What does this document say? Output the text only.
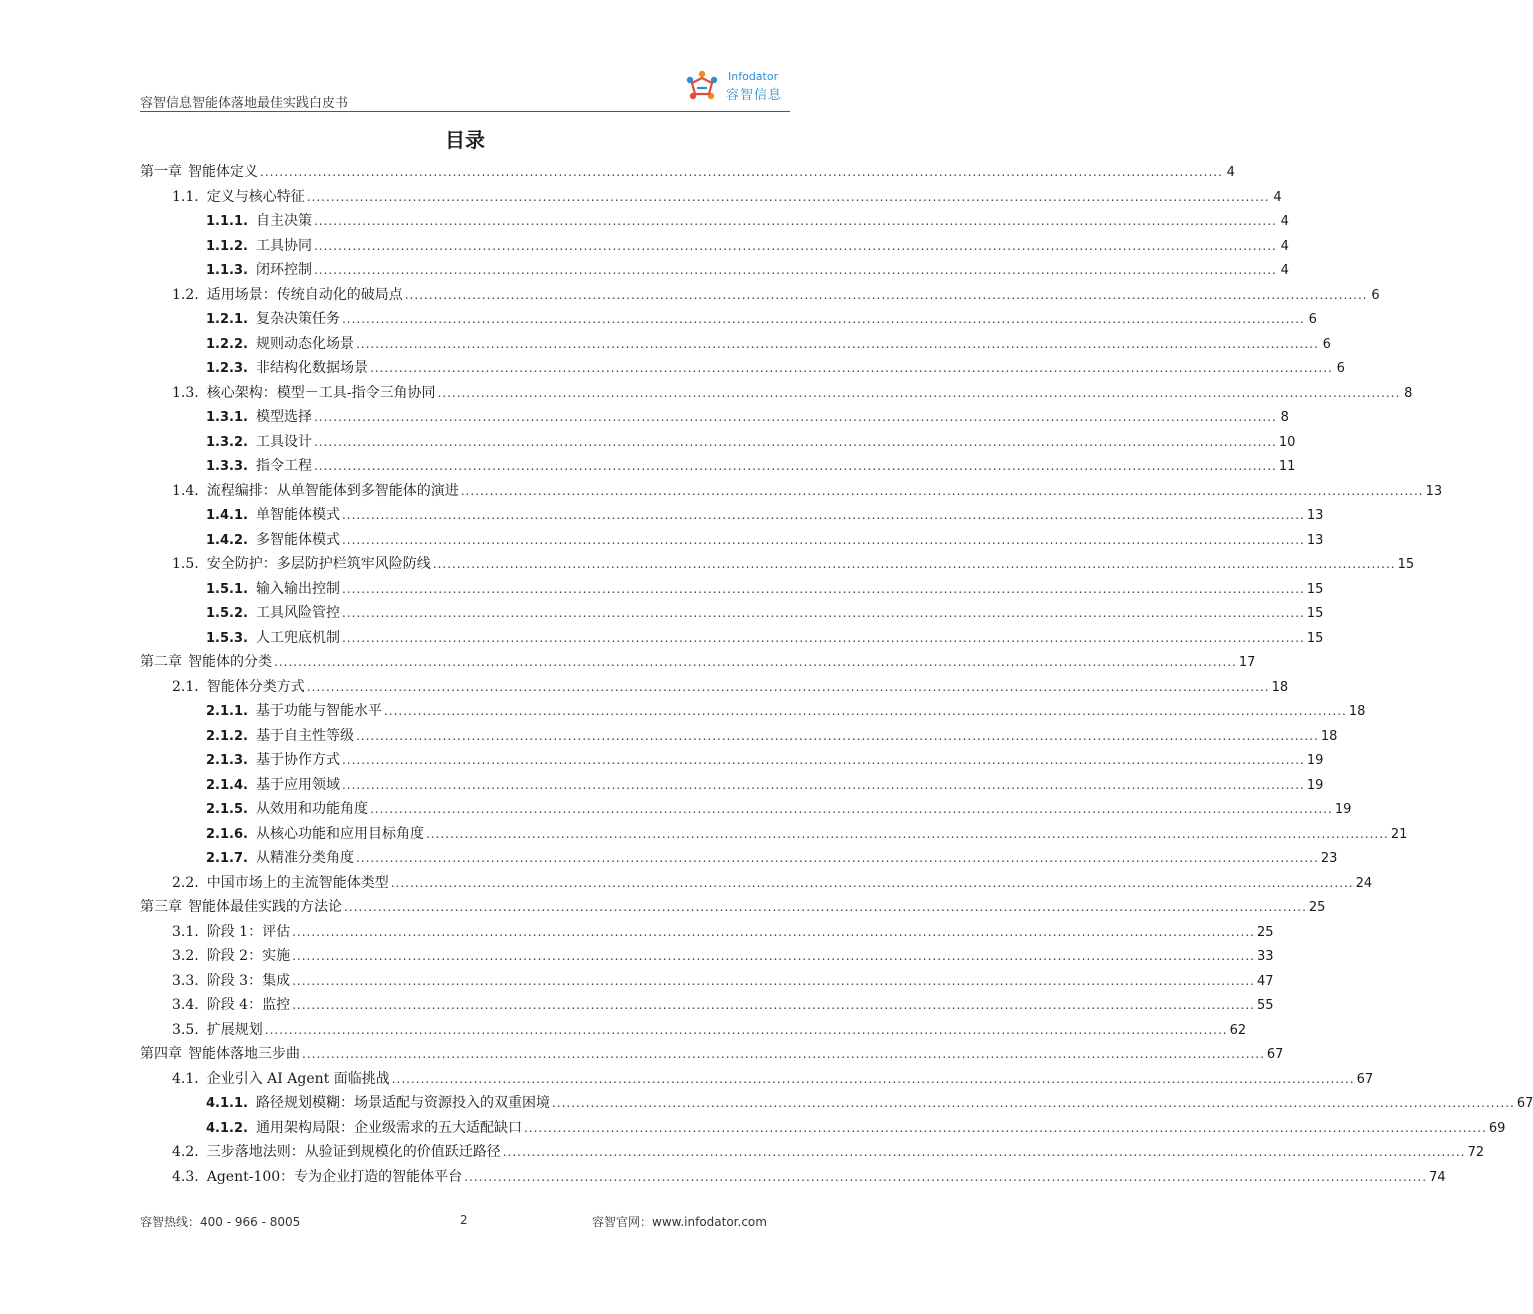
容智信息智能体落地最佳实践白皮书
Infodator
容智信息
目录
第一章 智能体定义 ........................................................................................................................................................................................................ 4
1.1. 定义与核心特征 ........................................................................................................................................................................................................ 4
1.1.1. 自主决策 ........................................................................................................................................................................................................ 4
1.1.2. 工具协同 ........................................................................................................................................................................................................ 4
1.1.3. 闭环控制 ........................................................................................................................................................................................................ 4
1.2. 适用场景：传统自动化的破局点 ........................................................................................................................................................................................................ 6
1.2.1. 复杂决策任务 ........................................................................................................................................................................................................ 6
1.2.2. 规则动态化场景 ........................................................................................................................................................................................................ 6
1.2.3. 非结构化数据场景 ........................................................................................................................................................................................................ 6
1.3. 核心架构：模型－工具-指令三角协同 ........................................................................................................................................................................................................ 8
1.3.1. 模型选择 ........................................................................................................................................................................................................ 8
1.3.2. 工具设计 ........................................................................................................................................................................................................ 10
1.3.3. 指令工程 ........................................................................................................................................................................................................ 11
1.4. 流程编排：从单智能体到多智能体的演进 ........................................................................................................................................................................................................ 13
1.4.1. 单智能体模式 ........................................................................................................................................................................................................ 13
1.4.2. 多智能体模式 ........................................................................................................................................................................................................ 13
1.5. 安全防护：多层防护栏筑牢风险防线 ........................................................................................................................................................................................................ 15
1.5.1. 输入输出控制 ........................................................................................................................................................................................................ 15
1.5.2. 工具风险管控 ........................................................................................................................................................................................................ 15
1.5.3. 人工兜底机制 ........................................................................................................................................................................................................ 15
第二章 智能体的分类 ........................................................................................................................................................................................................ 17
2.1. 智能体分类方式 ........................................................................................................................................................................................................ 18
2.1.1. 基于功能与智能水平 ........................................................................................................................................................................................................ 18
2.1.2. 基于自主性等级 ........................................................................................................................................................................................................ 18
2.1.3. 基于协作方式 ........................................................................................................................................................................................................ 19
2.1.4. 基于应用领域 ........................................................................................................................................................................................................ 19
2.1.5. 从效用和功能角度 ........................................................................................................................................................................................................ 19
2.1.6. 从核心功能和应用目标角度 ........................................................................................................................................................................................................ 21
2.1.7. 从精准分类角度 ........................................................................................................................................................................................................ 23
2.2. 中国市场上的主流智能体类型 ........................................................................................................................................................................................................ 24
第三章 智能体最佳实践的方法论 ........................................................................................................................................................................................................ 25
3.1. 阶段 1：评估 ........................................................................................................................................................................................................ 25
3.2. 阶段 2：实施 ........................................................................................................................................................................................................ 33
3.3. 阶段 3：集成 ........................................................................................................................................................................................................ 47
3.4. 阶段 4：监控 ........................................................................................................................................................................................................ 55
3.5. 扩展规划 ........................................................................................................................................................................................................ 62
第四章 智能体落地三步曲 ........................................................................................................................................................................................................ 67
4.1. 企业引入 AI Agent 面临挑战 ........................................................................................................................................................................................................ 67
4.1.1. 路径规划模糊：场景适配与资源投入的双重困境 ........................................................................................................................................................................................................ 67
4.1.2. 通用架构局限：企业级需求的五大适配缺口 ........................................................................................................................................................................................................ 69
4.2. 三步落地法则：从验证到规模化的价值跃迁路径 ........................................................................................................................................................................................................ 72
4.3. Agent-100：专为企业打造的智能体平台 ........................................................................................................................................................................................................ 74
容智热线：400 - 966 - 8005	2	容智官网：www.infodator.com
